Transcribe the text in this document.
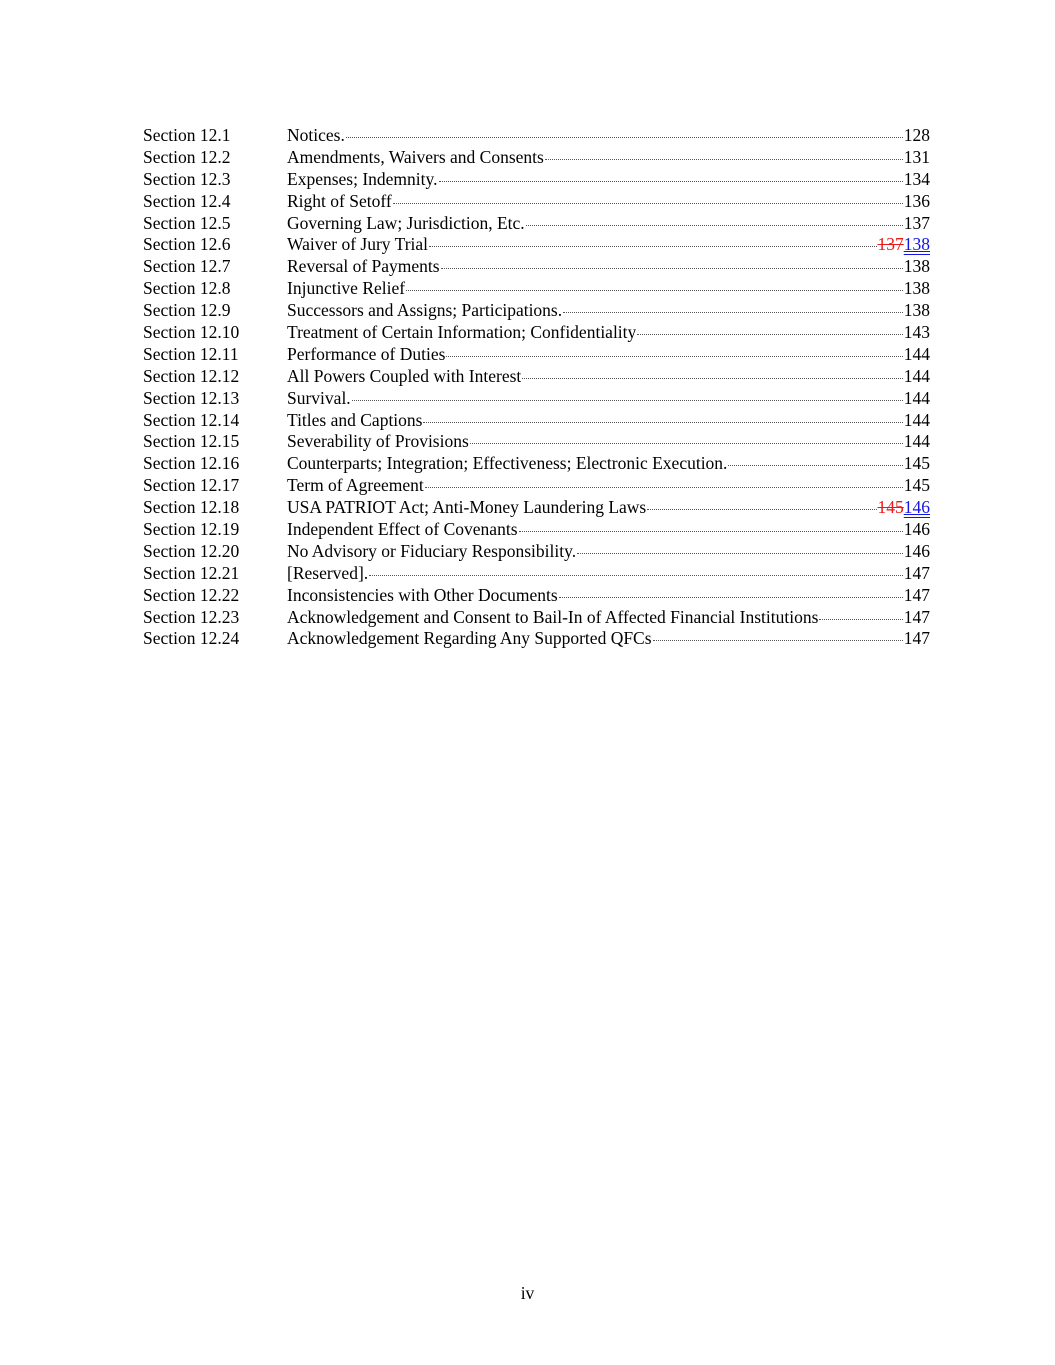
Section 12.1	Notices.	128
Section 12.2	Amendments, Waivers and Consents	131
Section 12.3	Expenses; Indemnity.	134
Section 12.4	Right of Setoff	136
Section 12.5	Governing Law; Jurisdiction, Etc.	137
Section 12.6	Waiver of Jury Trial	137138
Section 12.7	Reversal of Payments	138
Section 12.8	Injunctive Relief	138
Section 12.9	Successors and Assigns; Participations.	138
Section 12.10	Treatment of Certain Information; Confidentiality	143
Section 12.11	Performance of Duties	144
Section 12.12	All Powers Coupled with Interest	144
Section 12.13	Survival.	144
Section 12.14	Titles and Captions	144
Section 12.15	Severability of Provisions	144
Section 12.16	Counterparts; Integration; Effectiveness; Electronic Execution.	145
Section 12.17	Term of Agreement	145
Section 12.18	USA PATRIOT Act; Anti-Money Laundering Laws	145146
Section 12.19	Independent Effect of Covenants	146
Section 12.20	No Advisory or Fiduciary Responsibility.	146
Section 12.21	[Reserved].	147
Section 12.22	Inconsistencies with Other Documents	147
Section 12.23	Acknowledgement and Consent to Bail-In of Affected Financial Institutions	147
Section 12.24	Acknowledgement Regarding Any Supported QFCs	147
iv
